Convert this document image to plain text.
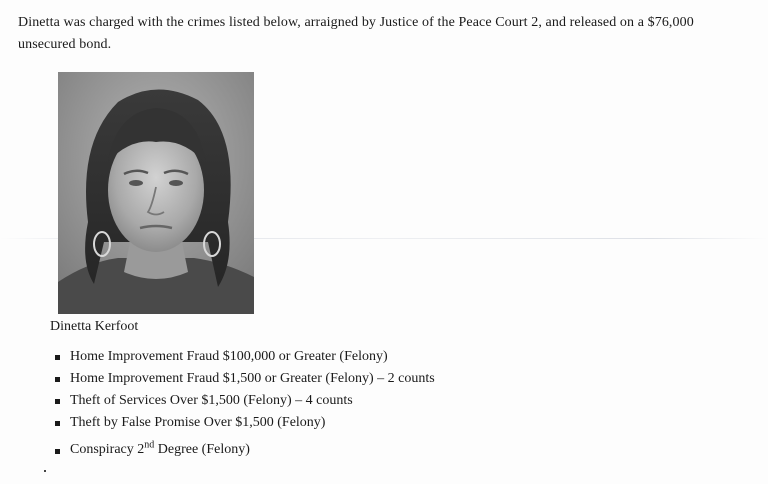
Dinetta was charged with the crimes listed below, arraigned by Justice of the Peace Court 2, and released on a $76,000
unsecured bond.
Dinetta Kerfoot
Home Improvement Fraud $100,000 or Greater (Felony)
Home Improvement Fraud $1,500 or Greater (Felony) – 2 counts
Theft of Services Over $1,500 (Felony) – 4 counts
Theft by False Promise Over $1,500 (Felony)
Conspiracy 2nd Degree (Felony)
